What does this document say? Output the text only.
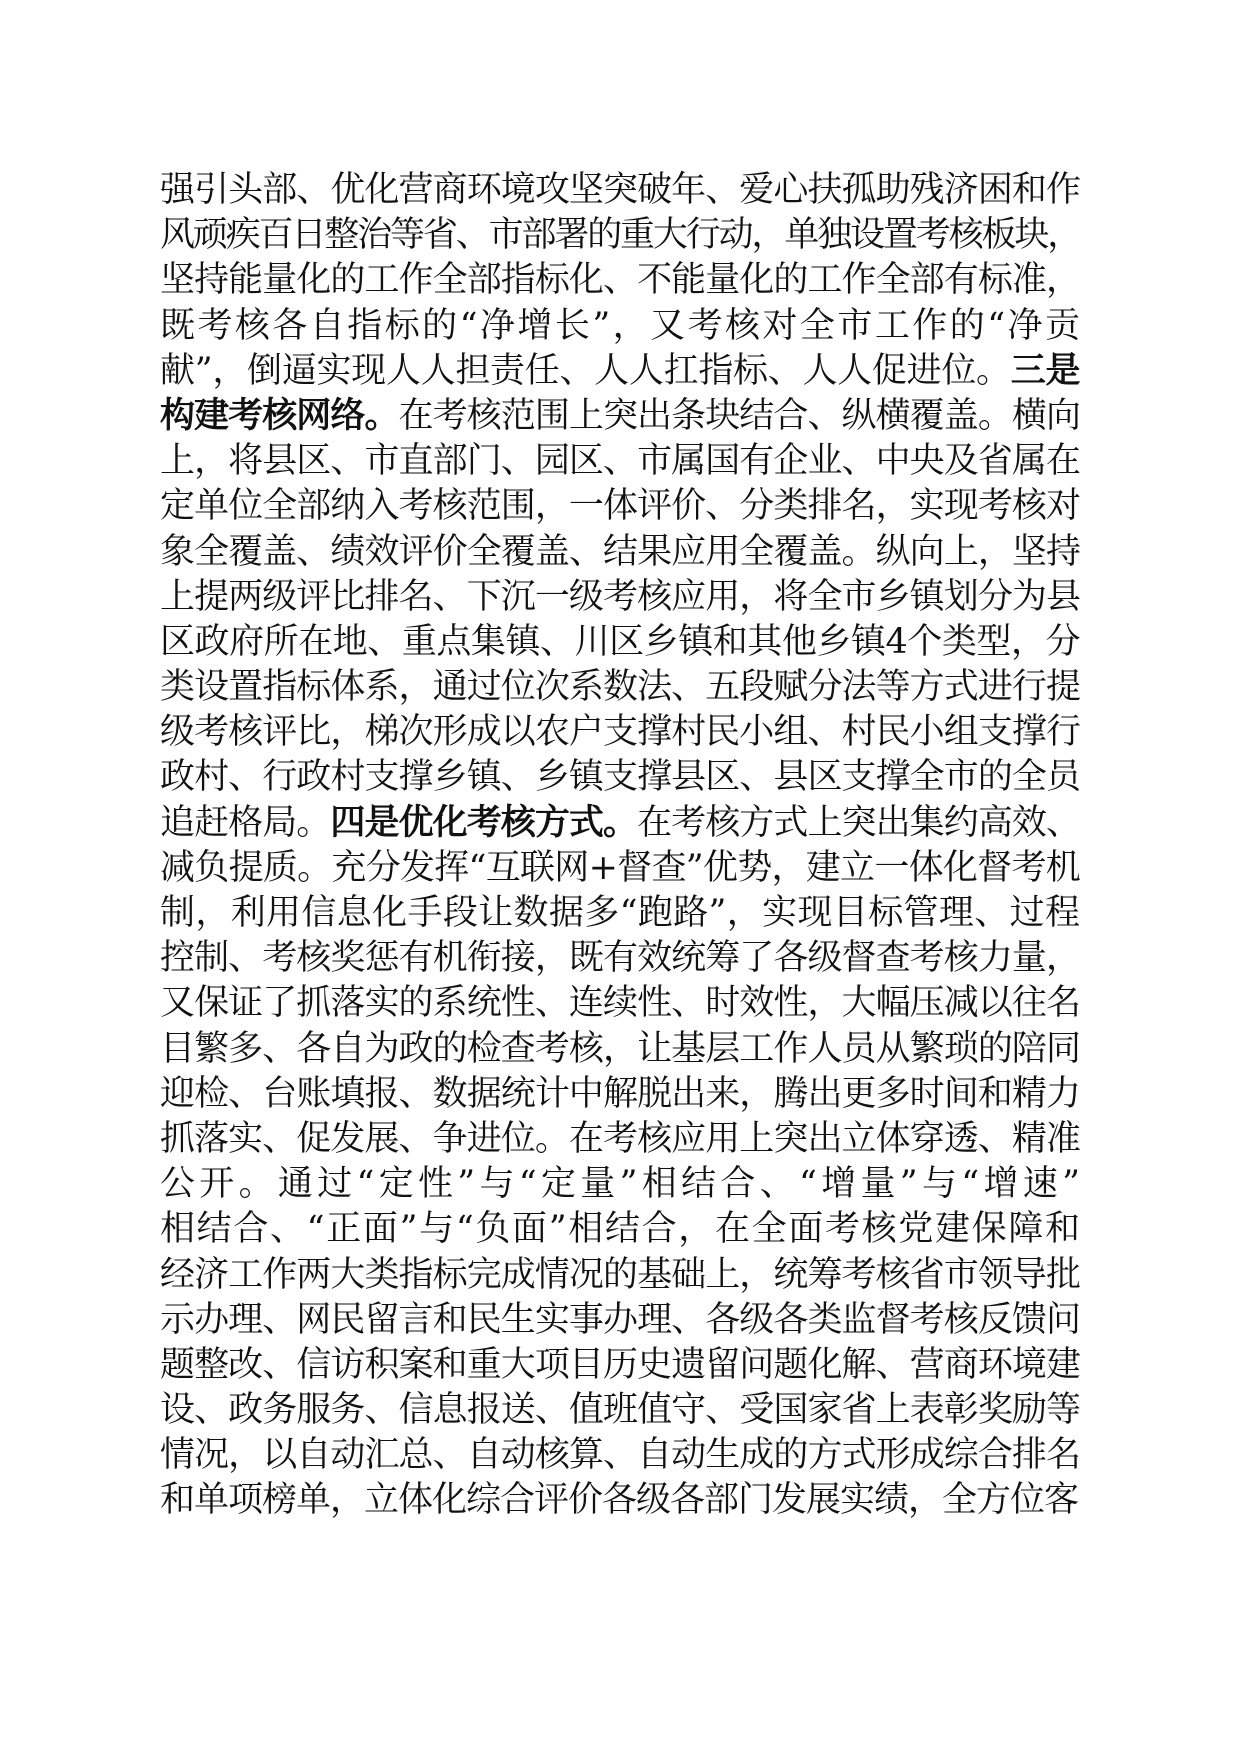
强引头部、优化营商环境攻坚突破年、爱心扶孤助残济困和作
风顽疾百日整治等省、市部署的重大行动，单独设置考核板块，
坚持能量化的工作全部指标化、不能量化的工作全部有标准，
既考核各自指标的“净增长”，又考核对全市工作的“净贡
献”，倒逼实现人人担责任、人人扛指标、人人促进位。三是
构建考核网络。在考核范围上突出条块结合、纵横覆盖。横向
上，将县区、市直部门、园区、市属国有企业、中央及省属在
定单位全部纳入考核范围，一体评价、分类排名，实现考核对
象全覆盖、绩效评价全覆盖、结果应用全覆盖。纵向上，坚持
上提两级评比排名、下沉一级考核应用，将全市乡镇划分为县
区政府所在地、重点集镇、川区乡镇和其他乡镇4个类型，分
类设置指标体系，通过位次系数法、五段赋分法等方式进行提
级考核评比，梯次形成以农户支撑村民小组、村民小组支撑行
政村、行政村支撑乡镇、乡镇支撑县区、县区支撑全市的全员
追赶格局。四是优化考核方式。在考核方式上突出集约高效、
减负提质。充分发挥“互联网+督查”优势，建立一体化督考机
制，利用信息化手段让数据多“跑路”，实现目标管理、过程
控制、考核奖惩有机衔接，既有效统筹了各级督查考核力量，
又保证了抓落实的系统性、连续性、时效性，大幅压减以往名
目繁多、各自为政的检查考核，让基层工作人员从繁琐的陪同
迎检、台账填报、数据统计中解脱出来，腾出更多时间和精力
抓落实、促发展、争进位。在考核应用上突出立体穿透、精准
公开。通过“定性”与“定量”相结合、“增量”与“增速”
相结合、“正面”与“负面”相结合，在全面考核党建保障和
经济工作两大类指标完成情况的基础上，统筹考核省市领导批
示办理、网民留言和民生实事办理、各级各类监督考核反馈问
题整改、信访积案和重大项目历史遗留问题化解、营商环境建
设、政务服务、信息报送、值班值守、受国家省上表彰奖励等
情况，以自动汇总、自动核算、自动生成的方式形成综合排名
和单项榜单，立体化综合评价各级各部门发展实绩，全方位客
